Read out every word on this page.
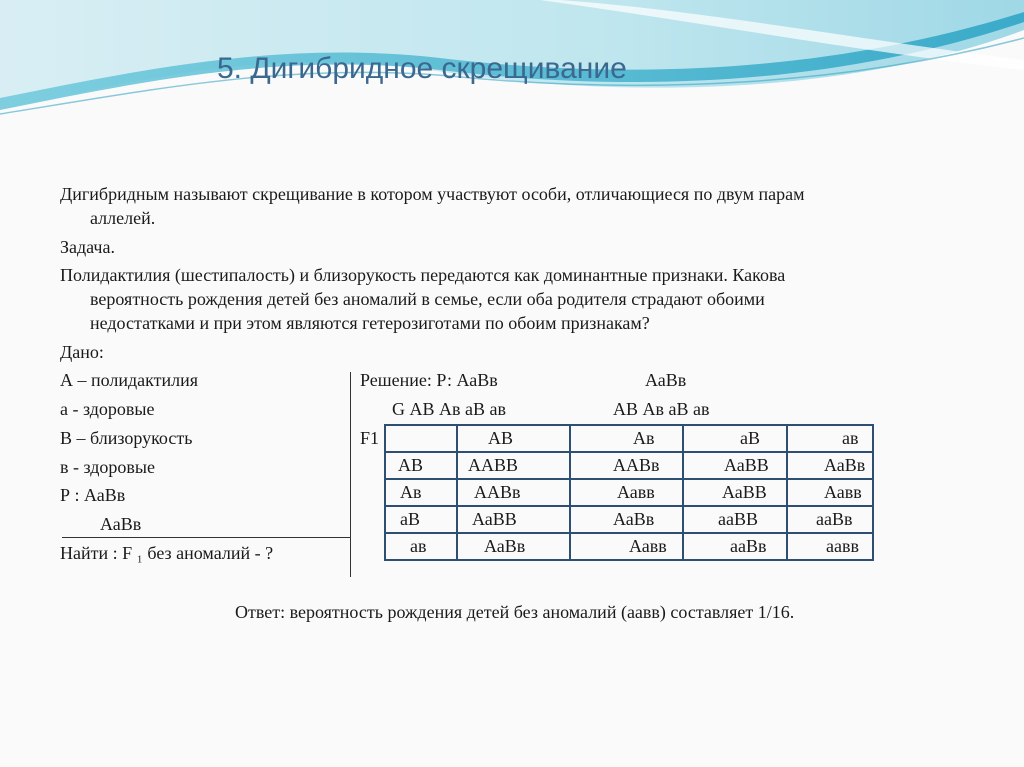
5. Дигибридное скрещивание
Дигибридным называют скрещивание в котором участвуют особи, отличающиеся по двум парам
аллелей.
Задача.
Полидактилия (шестипалость) и близорукость передаются как доминантные признаки. Какова
вероятность рождения детей без аномалий в семье, если оба родителя страдают обоими
недостатками и при этом являются гетерозиготами по обоим признакам?
Дано:
А – полидактилия
а - здоровые
В – близорукость
в - здоровые
Р : АаВв
АаВв
Найти : F ₁ без аномалий - ?
Решение: Р: АаВв	АаВв
G АВ Ав аВ ав	АВ Ав аВ ав
F1

	АВ	Ав	аВ	ав

АВ	ААВВ	ААВв	АаВВ	АаВв

Ав	ААВв	Аавв	АаВВ	Аавв

аВ	АаВВ	АаВв	ааВВ	ааВв

ав	АаВв	Аавв	ааВв	аавв
Ответ: вероятность рождения детей без аномалий (аавв) составляет 1/16.
